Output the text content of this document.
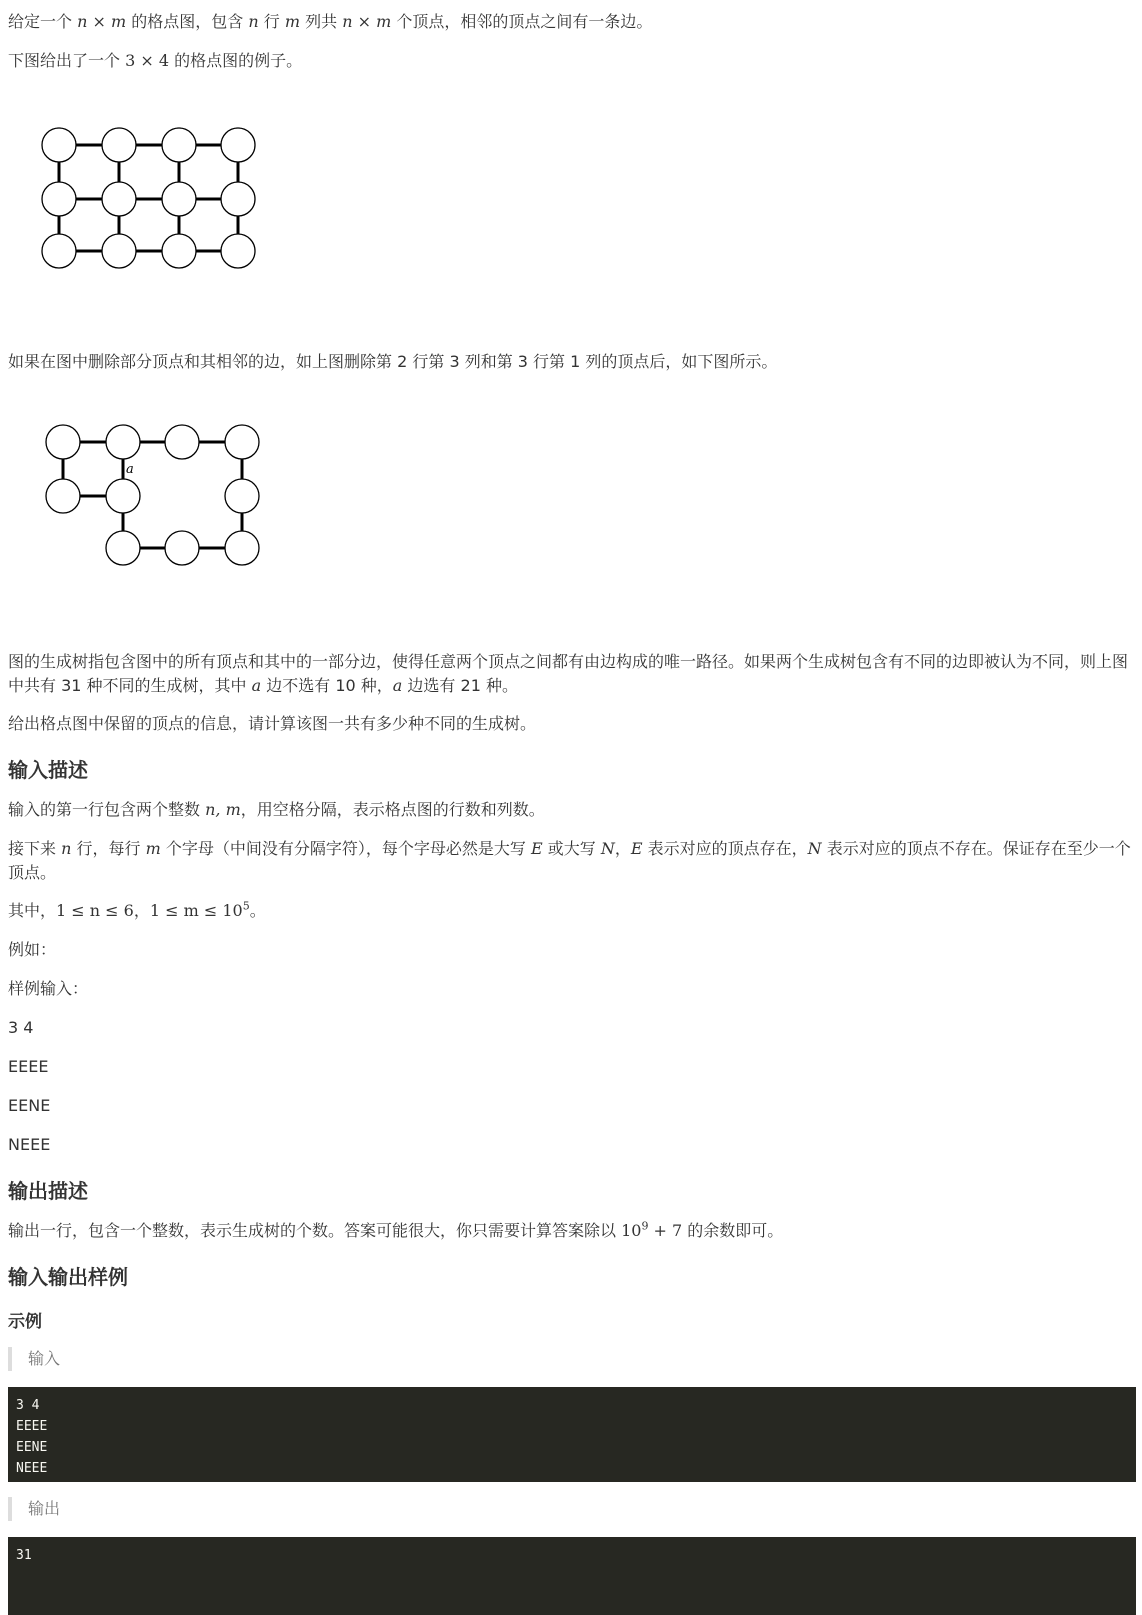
给定一个 n × m 的格点图，包含 n 行 m 列共 n × m 个顶点，相邻的顶点之间有一条边。

下图给出了一个 3 × 4 的格点图的例子。

如果在图中删除部分顶点和其相邻的边，如上图删除第 2 行第 3 列和第 3 行第 1 列的顶点后，如下图所示。

a

图的生成树指包含图中的所有顶点和其中的一部分边，使得任意两个顶点之间都有由边构成的唯一路径。如果两个生成树包含有不同的边即被认为不同，则上图中共有 31 种不同的生成树，其中 a 边不选有 10 种，a 边选有 21 种。

给出格点图中保留的顶点的信息，请计算该图一共有多少种不同的生成树。

输入描述

输入的第一行包含两个整数 n, m，用空格分隔，表示格点图的行数和列数。

接下来 n 行，每行 m 个字母（中间没有分隔字符），每个字母必然是大写 E 或大写 N，E 表示对应的顶点存在，N 表示对应的顶点不存在。保证存在至少一个顶点。

其中，1 ≤ n ≤ 6，$1 \le m \le 10^5$。

例如：

样例输入：

3 4

EEEE

EENE

NEEE

输出描述

输出一行，包含一个整数，表示生成树的个数。答案可能很大，你只需要计算答案除以 $10^9 + 7$ 的余数即可。

输入输出样例
示例
输入
3 4
EEEE
EENE
NEEE
输出
31
